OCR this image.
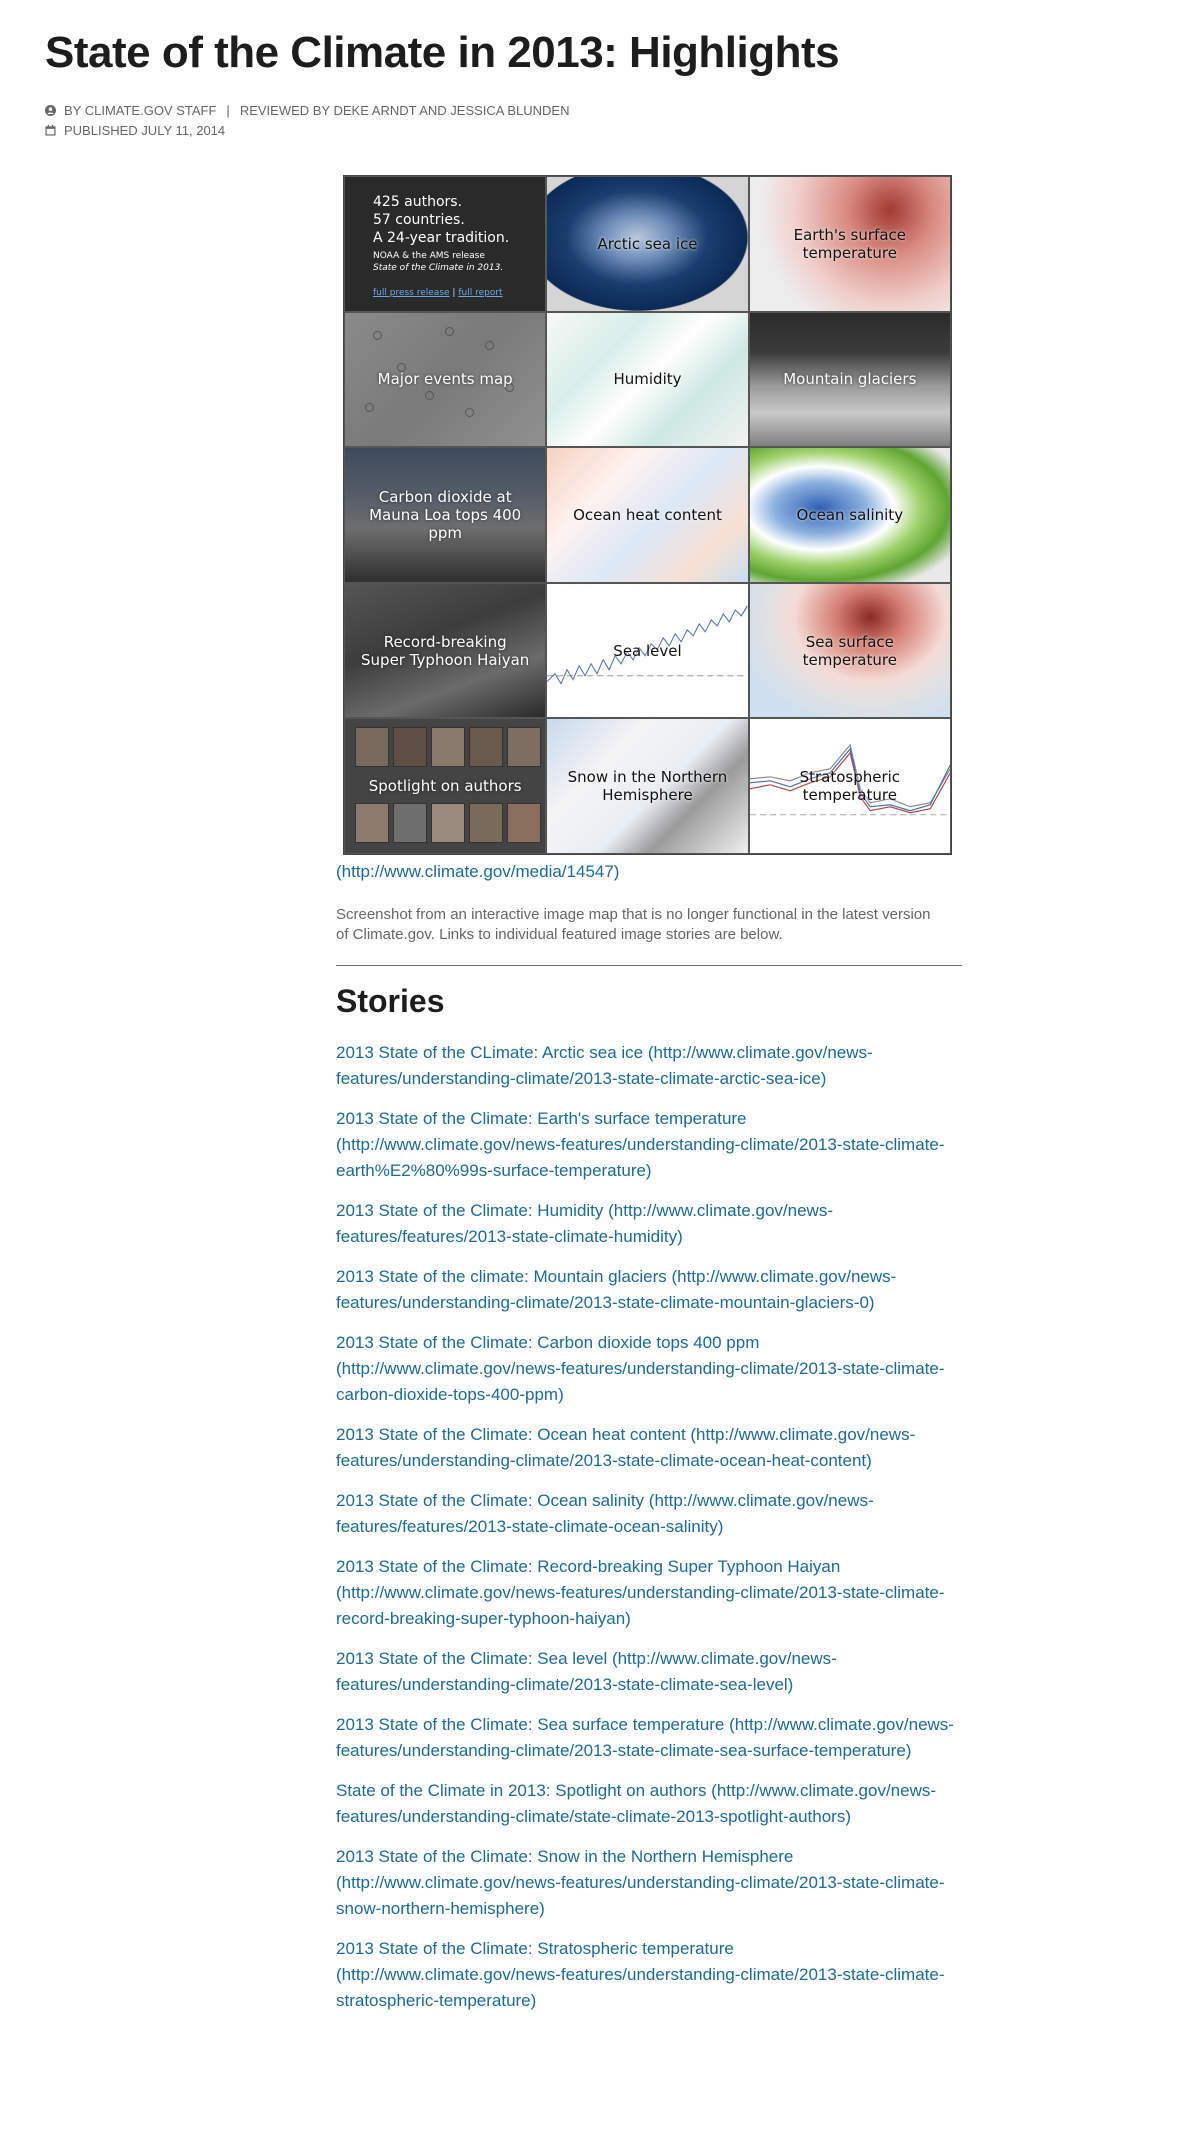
State of the Climate in 2013: Highlights
BY CLIMATE.GOV STAFF | REVIEWED BY DEKE ARNDT AND JESSICA BLUNDEN
PUBLISHED JULY 11, 2014
425 authors.
57 countries.
A 24-year tradition.
NOAA & the AMS release
State of the Climate in 2013.
full press release | full report
Arctic sea ice	Earth's surface
temperature
Major events map	Humidity	Mountain glaciers
Carbon dioxide at
Mauna Loa tops 400 ppm
Ocean heat content	Ocean salinity
Record-breaking
Super Typhoon Haiyan	Sea level	Sea surface
temperature
Spotlight on authors	Snow in the Northern
Hemisphere
Stratospheric
temperature
(http://www.climate.gov/media/14547)
Screenshot from an interactive image map that is no longer functional in the latest version of Climate.gov. Links to individual featured image stories are below.
Stories
2013 State of the CLimate: Arctic sea ice (http://www.climate.gov/news-features/understanding-climate/2013-state-climate-arctic-sea-ice)
2013 State of the Climate: Earth's surface temperature (http://www.climate.gov/news-features/understanding-climate/2013-state-climate-earth%E2%80%99s-surface-temperature)
2013 State of the Climate: Humidity (http://www.climate.gov/news-features/features/2013-state-climate-humidity)
2013 State of the climate: Mountain glaciers (http://www.climate.gov/news-features/understanding-climate/2013-state-climate-mountain-glaciers-0)
2013 State of the Climate: Carbon dioxide tops 400 ppm (http://www.climate.gov/news-features/understanding-climate/2013-state-climate-carbon-dioxide-tops-400-ppm)
2013 State of the Climate: Ocean heat content (http://www.climate.gov/news-features/understanding-climate/2013-state-climate-ocean-heat-content)
2013 State of the Climate: Ocean salinity (http://www.climate.gov/news-features/features/2013-state-climate-ocean-salinity)
2013 State of the Climate: Record-breaking Super Typhoon Haiyan (http://www.climate.gov/news-features/understanding-climate/2013-state-climate-record-breaking-super-typhoon-haiyan)
2013 State of the Climate: Sea level (http://www.climate.gov/news-features/understanding-climate/2013-state-climate-sea-level)
2013 State of the Climate: Sea surface temperature (http://www.climate.gov/news-features/understanding-climate/2013-state-climate-sea-surface-temperature)
State of the Climate in 2013: Spotlight on authors (http://www.climate.gov/news-features/understanding-climate/state-climate-2013-spotlight-authors)
2013 State of the Climate: Snow in the Northern Hemisphere (http://www.climate.gov/news-features/understanding-climate/2013-state-climate-snow-northern-hemisphere)
2013 State of the Climate: Stratospheric temperature (http://www.climate.gov/news-features/understanding-climate/2013-state-climate-stratospheric-temperature)
